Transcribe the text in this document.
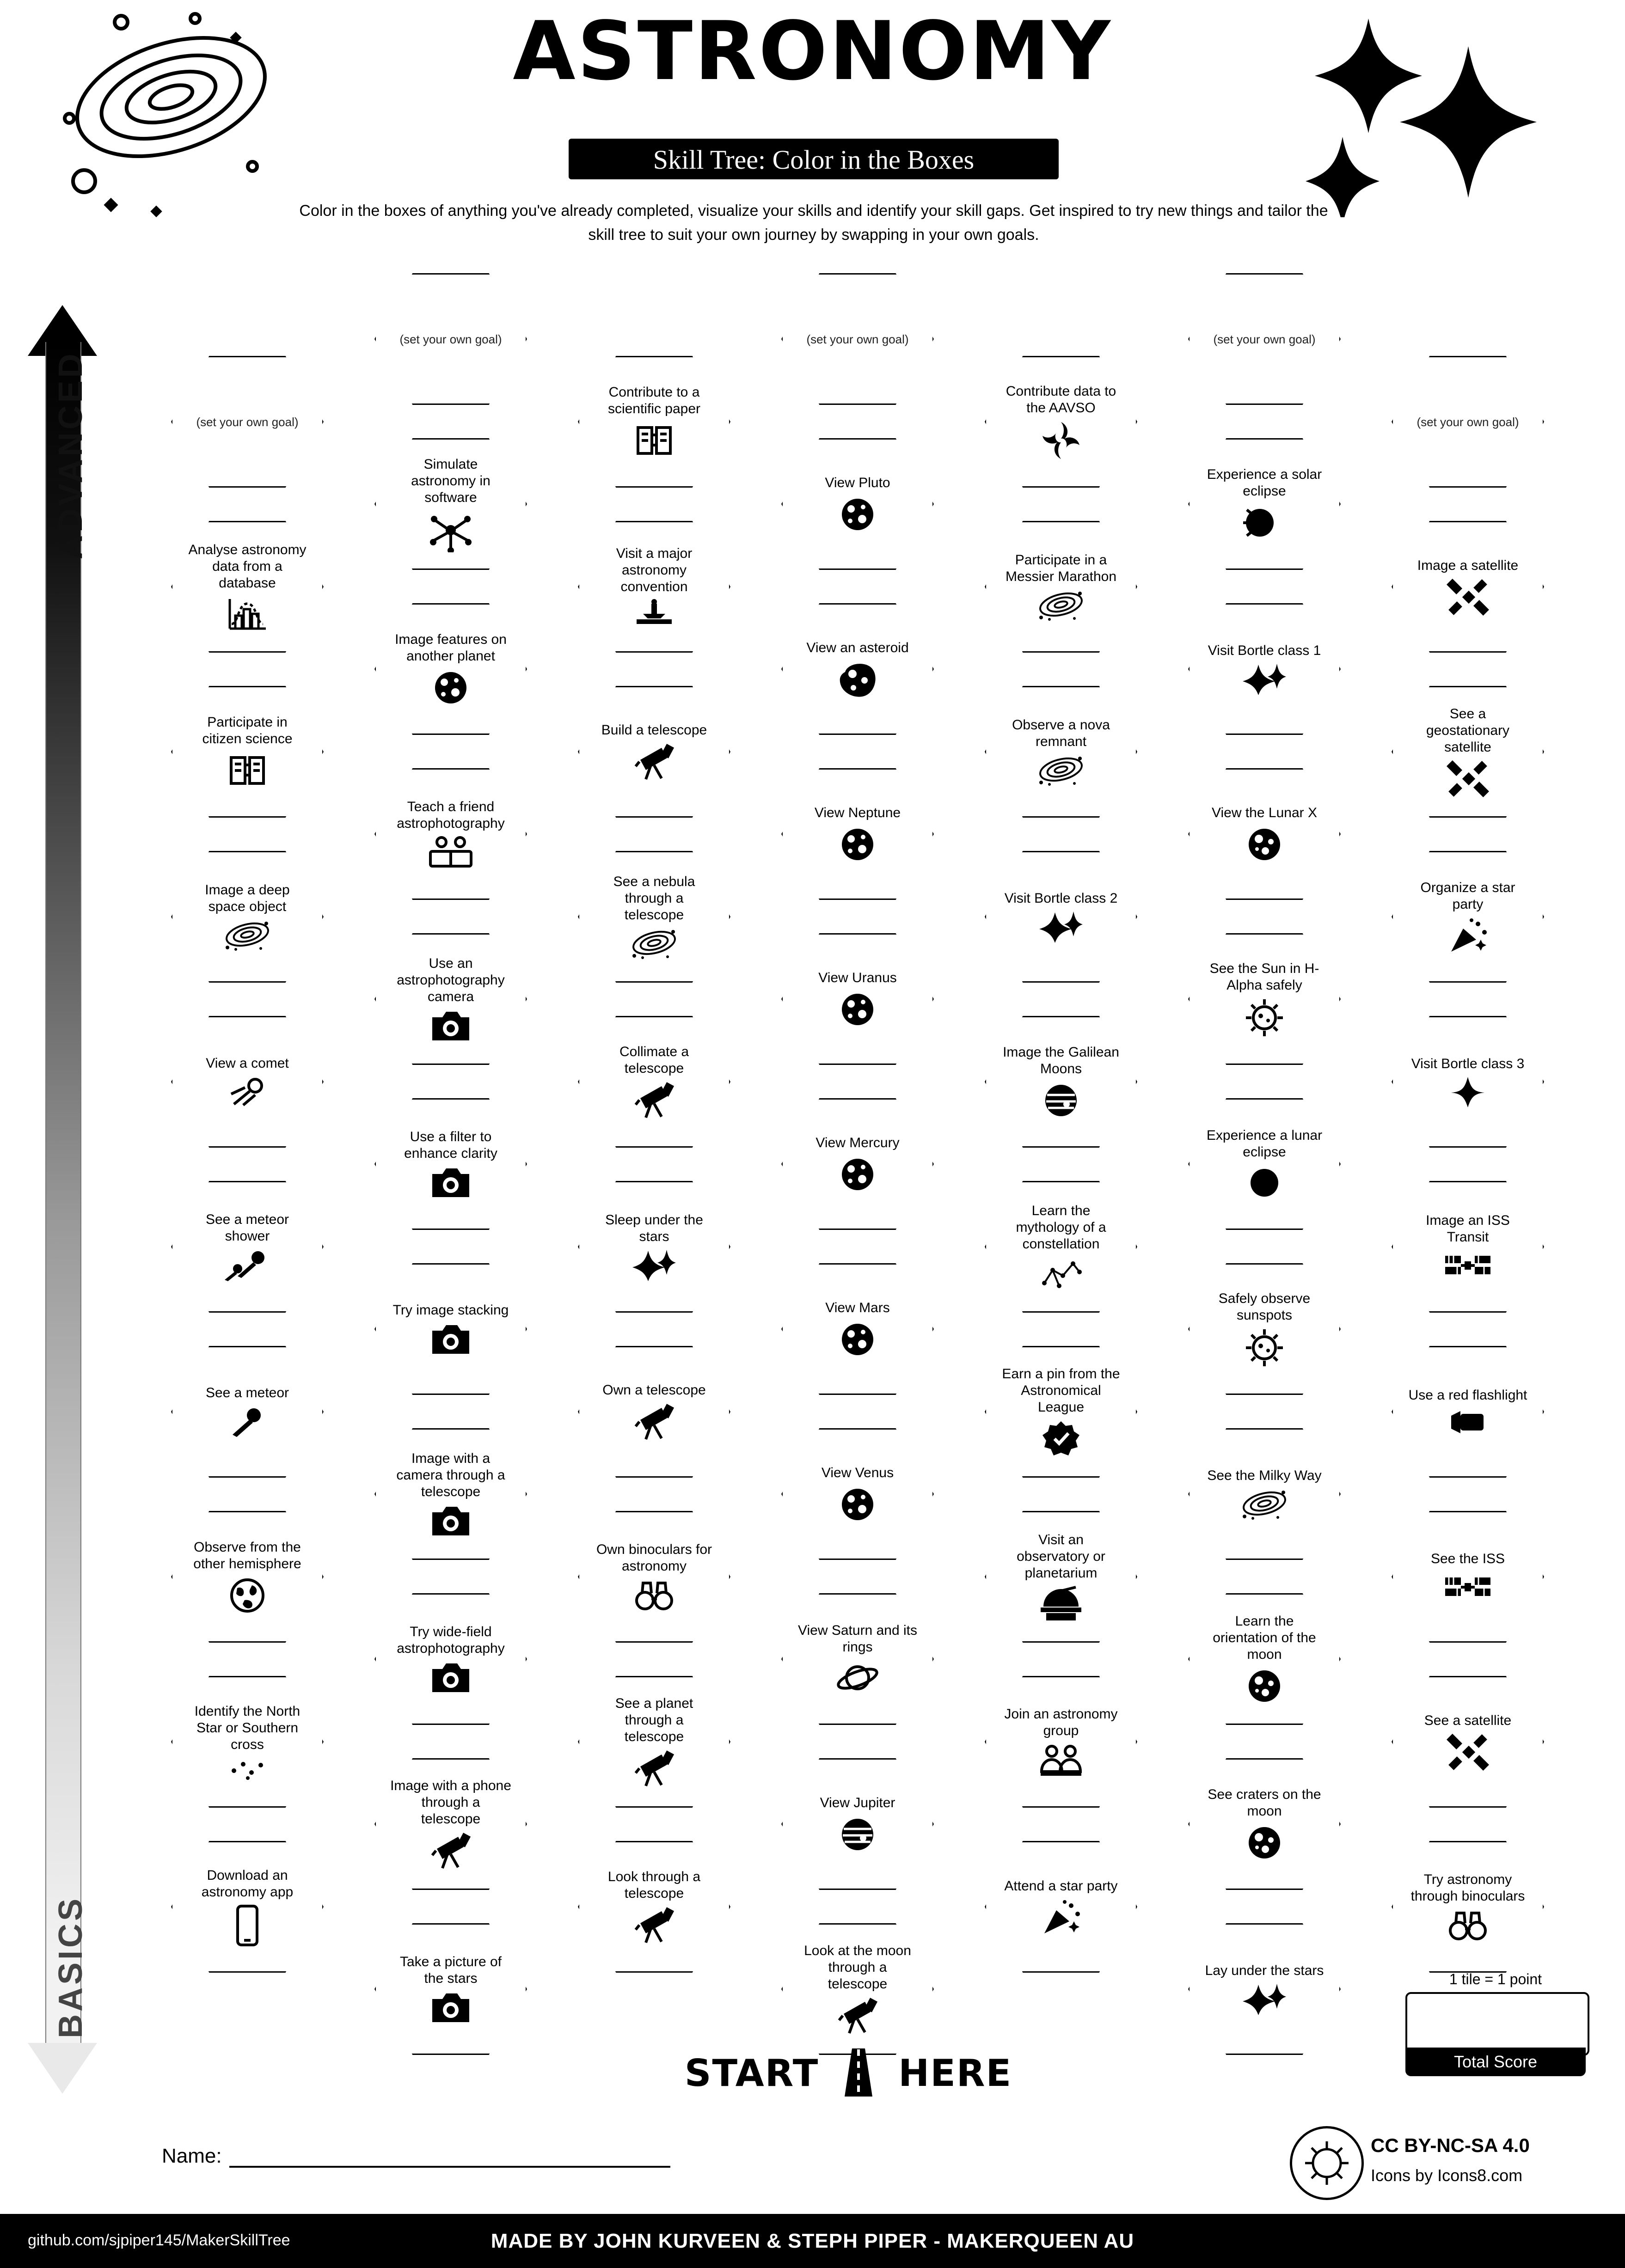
ASTRONOMY
Skill Tree: Color in the Boxes
Color in the boxes of anything you've already completed, visualize your skills and identify your skill gaps. Get inspired to try new things and tailor the skill tree to suit your own journey by swapping in your own goals.
ADVANCED
BASICS
(set your own goal)
Analyse astronomy data from a database
Participate in citizen science
Image a deep space object
View a comet
See a meteor shower
See a meteor
Observe from the other hemisphere
Identify the North Star or Southern cross
Download an astronomy app
(set your own goal)
Simulate astronomy in software
Image features on another planet
Teach a friend astrophotography
Use an astrophotography camera
Use a filter to enhance clarity
Try image stacking
Image with a camera through a telescope
Try wide-field astrophotography
Image with a phone through a telescope
Take a picture of the stars
Contribute to a scientific paper
Visit a major astronomy convention
Build a telescope
See a nebula through a telescope
Collimate a telescope
Sleep under the stars
Own a telescope
Own binoculars for astronomy
See a planet through a telescope
Look through a telescope
(set your own goal)
View Pluto
View an asteroid
View Neptune
View Uranus
View Mercury
View Mars
View Venus
View Saturn and its rings
View Jupiter
Look at the moon through a telescope
Contribute data to the AAVSO
Participate in a Messier Marathon
Observe a nova remnant
Visit Bortle class 2
Image the Galilean Moons
Learn the mythology of a constellation
Earn a pin from the Astronomical League
Visit an observatory or planetarium
Join an astronomy group
Attend a star party
(set your own goal)
Experience a solar eclipse
Visit Bortle class 1
View the Lunar X
See the Sun in H-Alpha safely
Experience a lunar eclipse
Safely observe sunspots
See the Milky Way
Learn the orientation of the moon
See craters on the moon
Lay under the stars
(set your own goal)
Image a satellite
See a geostationary satellite
Organize a star party
Visit Bortle class 3
Image an ISS Transit
Use a red flashlight
See the ISS
See a satellite
Try astronomy through binoculars
START HERE
1 tile = 1 point
Total Score
Name:	CC BY-NC-SA 4.0
Icons by Icons8.com
github.com/sjpiper145/MakerSkillTree	MADE BY JOHN KURVEEN & STEPH PIPER - MAKERQUEEN AU
